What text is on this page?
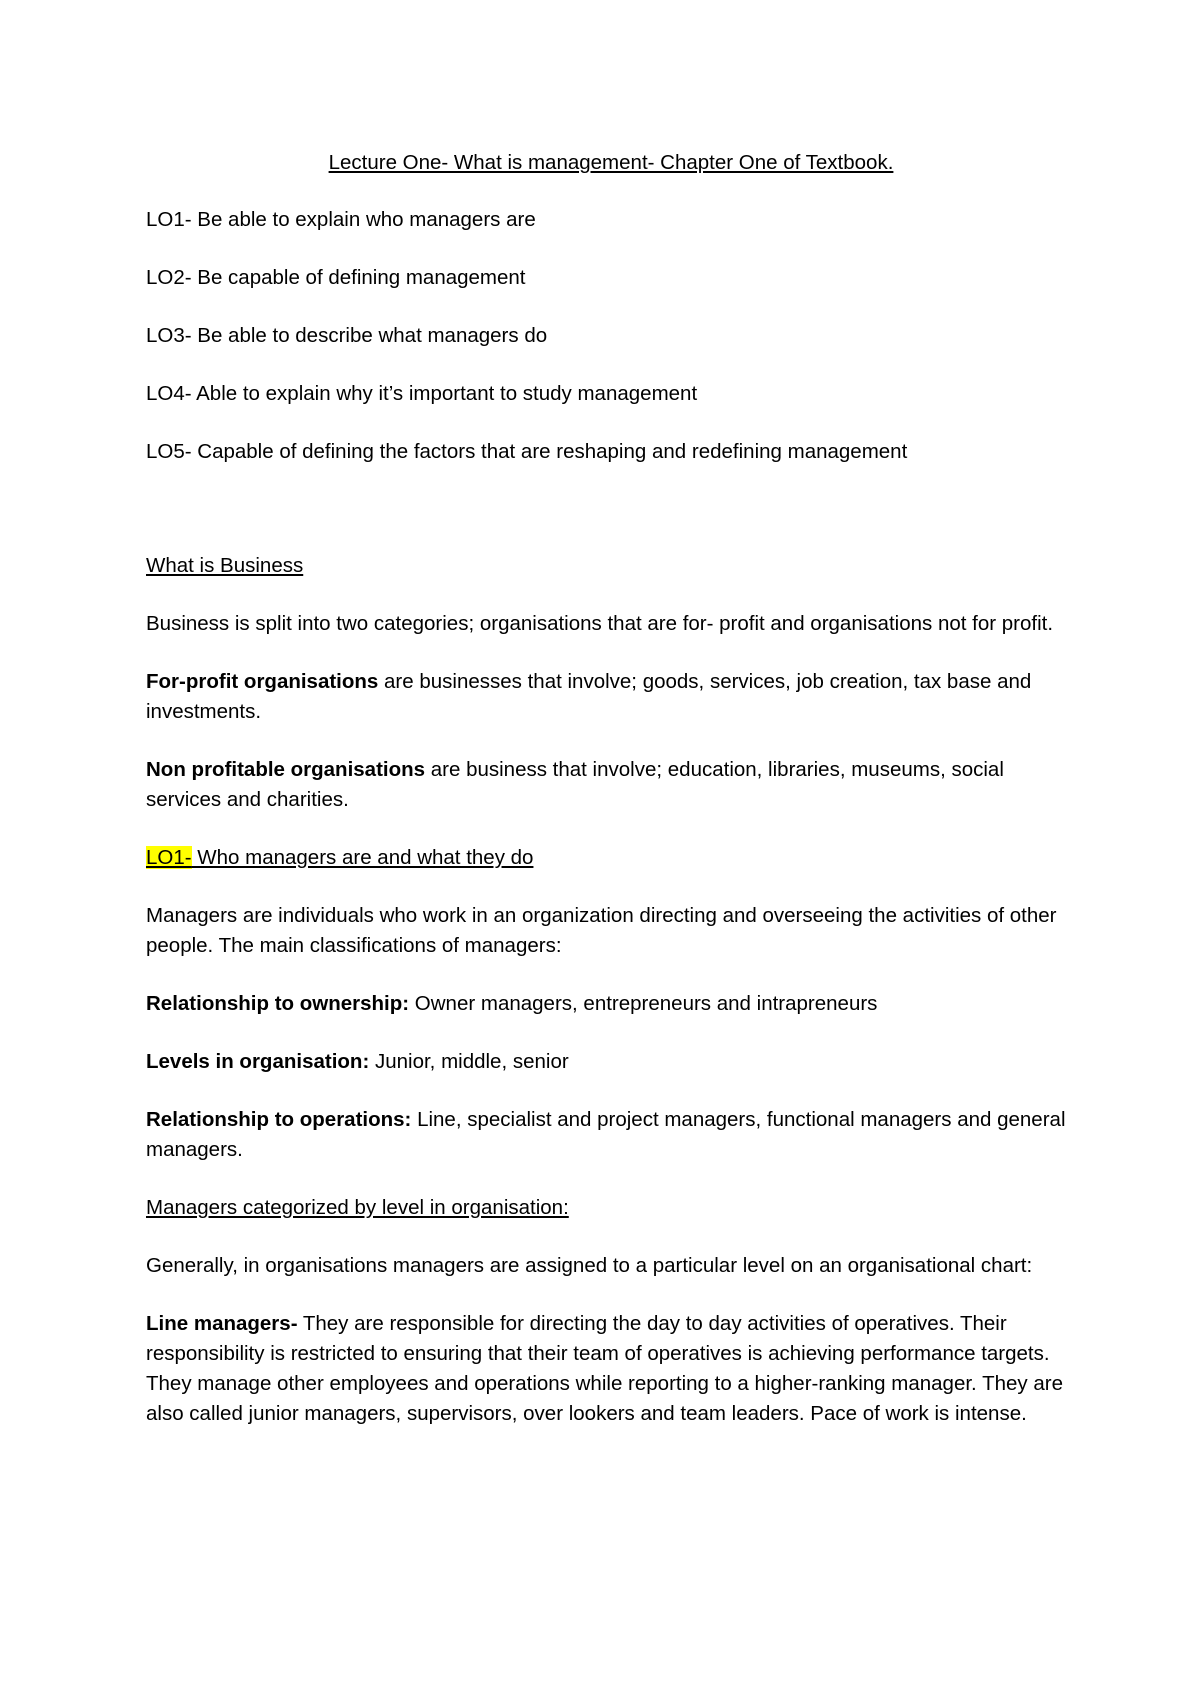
Lecture One- What is management- Chapter One of Textbook.
LO1- Be able to explain who managers are
LO2- Be capable of defining management
LO3- Be able to describe what managers do
LO4- Able to explain why it’s important to study management
LO5- Capable of defining the factors that are reshaping and redefining management
What is Business
Business is split into two categories; organisations that are for- profit and organisations not for profit.
For-profit organisations are businesses that involve; goods, services, job creation, tax base and investments.
Non profitable organisations are business that involve; education, libraries, museums, social services and charities.
LO1- Who managers are and what they do
Managers are individuals who work in an organization directing and overseeing the activities of other people. The main classifications of managers:
Relationship to ownership: Owner managers, entrepreneurs and intrapreneurs
Levels in organisation: Junior, middle, senior
Relationship to operations: Line, specialist and project managers, functional managers and general managers.
Managers categorized by level in organisation:
Generally, in organisations managers are assigned to a particular level on an organisational chart:
Line managers- They are responsible for directing the day to day activities of operatives. Their responsibility is restricted to ensuring that their team of operatives is achieving performance targets. They manage other employees and operations while reporting to a higher-ranking manager. They are also called junior managers, supervisors, over lookers and team leaders. Pace of work is intense.
